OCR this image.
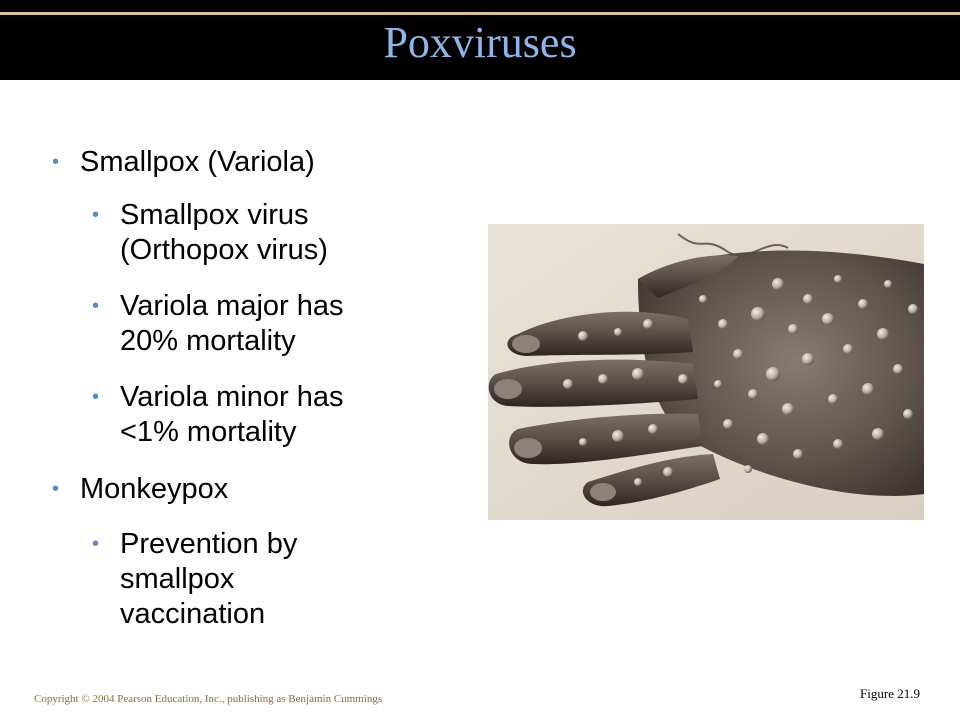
Poxviruses
• Smallpox (Variola)
• Smallpox virus
(Orthopox virus)
• Variola major has
20% mortality
• Variola minor has
<1% mortality
• Monkeypox
• Prevention by
smallpox
vaccination
Figure 21.9
Copyright © 2004 Pearson Education, Inc., publishing as Benjamin Cummings
